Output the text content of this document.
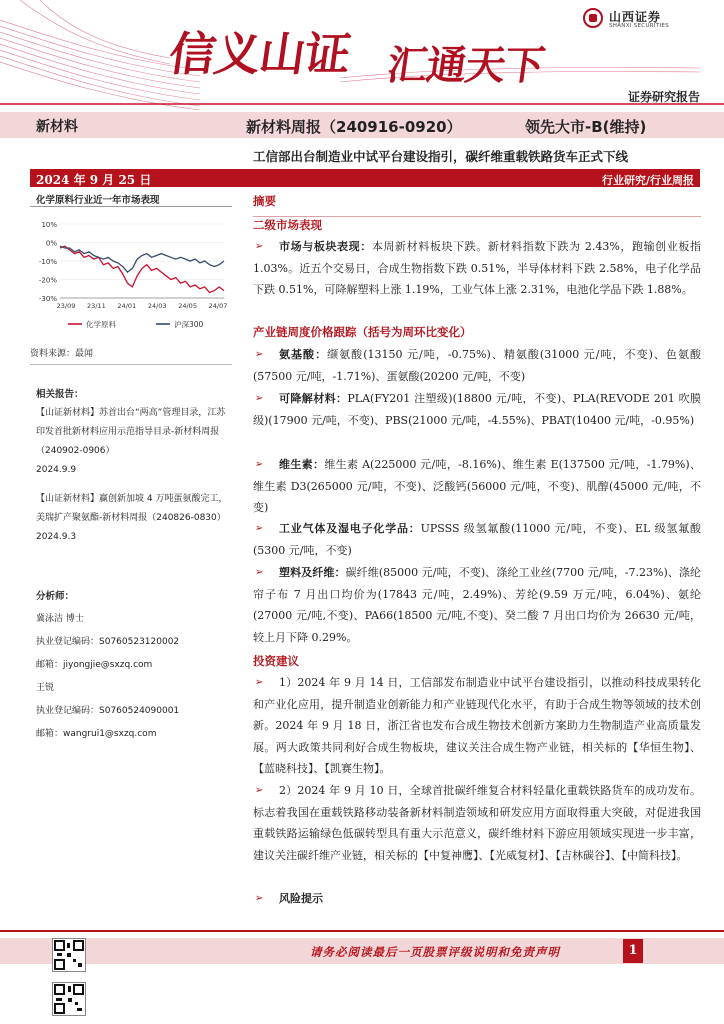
信义山证 汇通天下
山西证券
SHANXI SECURITIES
证券研究报告
新材料	新材料周报（240916-0920）	领先大市-B(维持)
工信部出台制造业中试平台建设指引，碳纤维重载铁路货车正式下线
2024 年 9 月 25 日	行业研究/行业周报
化学原料行业近一年市场表现
10%
0%
-10%
-20%
-30%
23/09 23/11 24/01 24/03 24/05 24/07
化学原料	沪深300
资料来源：最闻
相关报告：
【山证新材料】苏首出台“两高”管理目录，江苏印发首批新材料应用示范指导目录-新材料周报（240902-0906）
2024.9.9
【山证新材料】赢创新加坡 4 万吨蛋氨酸完工，美瑞扩产聚氨酯-新材料周报（240826-0830）
2024.9.3
分析师：
冀泳洁 博士
执业登记编码：S0760523120002
邮箱：jiyongjie@sxzq.com
王锐
执业登记编码：S0760524090001
邮箱：wangrui1@sxzq.com
摘要
二级市场表现
➢	市场与板块表现：本周新材料板块下跌。新材料指数下跌为 2.43%，跑输创业板指 1.03%。近五个交易日，合成生物指数下跌 0.51%，半导体材料下跌 2.58%，电子化学品下跌 0.51%，可降解塑料上涨 1.19%，工业气体上涨 2.31%，电池化学品下跌 1.88%。
产业链周度价格跟踪（括号为周环比变化）
➢	氨基酸：缬氨酸(13150 元/吨，-0.75%)、精氨酸(31000 元/吨，不变)、色氨酸(57500 元/吨，-1.71%)、蛋氨酸(20200 元/吨，不变)
➢	可降解材料：PLA(FY201 注塑级)(18800 元/吨，不变)、PLA(REVODE 201 吹膜级)(17900 元/吨，不变)、PBS(21000 元/吨，-4.55%)、PBAT(10400 元/吨，-0.95%)
➢	维生素：维生素 A(225000 元/吨，-8.16%)、维生素 E(137500 元/吨，-1.79%)、维生素 D3(265000 元/吨，不变)、泛酸钙(56000 元/吨，不变)、肌醇(45000 元/吨，不变)
➢	工业气体及湿电子化学品：UPSSS 级氢氟酸(11000 元/吨，不变)、EL 级氢氟酸(5300 元/吨，不变)
➢	塑料及纤维：碳纤维(85000 元/吨，不变)、涤纶工业丝(7700 元/吨，-7.23%)、涤纶帘子布 7 月出口均价为(17843 元/吨，2.49%)、芳纶(9.59 万元/吨，6.04%)、氨纶(27000 元/吨,不变)、PA66(18500 元/吨,不变)、癸二酸 7 月出口均价为 26630 元/吨，较上月下降 0.29%。
投资建议
➢	1）2024 年 9 月 14 日，工信部发布制造业中试平台建设指引，以推动科技成果转化和产业化应用，提升制造业创新能力和产业链现代化水平，有助于合成生物等领域的技术创新。2024 年 9 月 18 日，浙江省也发布合成生物技术创新方案助力生物制造产业高质量发展。两大政策共同利好合成生物板块，建议关注合成生物产业链，相关标的【华恒生物】、【蓝晓科技】、【凯赛生物】。
➢	2）2024 年 9 月 10 日，全球首批碳纤维复合材料轻量化重载铁路货车的成功发布。标志着我国在重载铁路移动装备新材料制造领域和研发应用方面取得重大突破，对促进我国重载铁路运输绿色低碳转型具有重大示范意义，碳纤维材料下游应用领域实现进一步丰富，建议关注碳纤维产业链，相关标的【中复神鹰】、【光威复材】、【吉林碳谷】、【中简科技】。
➢	风险提示
请务必阅读最后一页股票评级说明和免责声明	1
